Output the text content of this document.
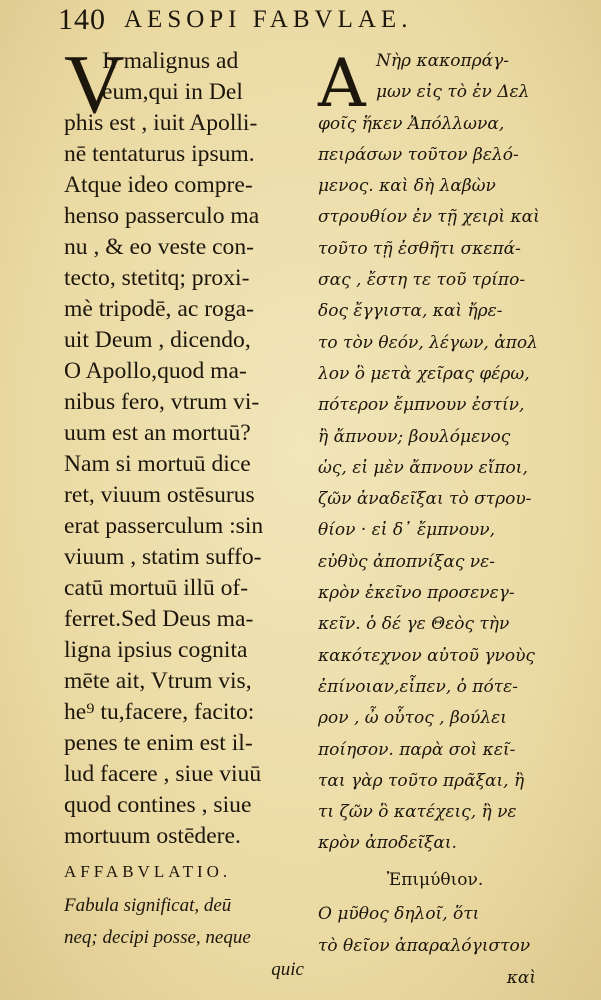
140 AESOPI FABVLAE.
V
Ir malignus ad
eum,qui in Del
phis est , iuit Apolli-
nē tentaturus ipsum.
Atque ideo compre-
henso passerculo ma
nu , & eo veste con-
tecto, stetitq; proxi-
mè tripodē, ac roga-
uit Deum , dicendo,
O Apollo,quod ma-
nibus fero, vtrum vi-
uum est an mortuū?
Nam si mortuū dice
ret, viuum ostēsurus
erat passerculum :sin
viuum , statim suffo-
catū mortuū illū of-
ferret.Sed Deus ma-
ligna ipsius cognita
mēte ait, Vtrum vis,
he⁹ tu,facere, facito:
penes te enim est il-
lud facere , siue viuū
quod contines , siue
mortuum ostēdere.
AFFABVLATIO.
Fabula significat, deū
neq; decipi posse, neque
quic
A Νὴρ κακοπράγ-
μων εἰς τὸ ἐν Δελ
φοῖς ἥκεν Ἀπόλλωνα,
πειράσων τοῦτον βελό-
μενος. καὶ δὴ λαβὼν
στρουθίον ἐν τῇ χειρὶ καὶ
τοῦτο τῇ ἐσθῆτι σκεπά-
σας , ἔστη τε τοῦ τρίπο-
δος ἔγγιστα, καὶ ἤρε-
το τὸν θεόν, λέγων, ἀπολ
λον ὃ μετὰ χεῖρας φέρω,
πότερον ἔμπνουν ἐστίν,
ἢ ἄπνουν; βουλόμενος
ὡς, εἰ μὲν ἄπνουν εἴποι,
ζῶν ἀναδεῖξαι τὸ στρου-
θίον · εἰ δ᾽ ἔμπνουν,
εὐθὺς ἀποπνίξας νε-
κρὸν ἐκεῖνο προσενεγ-
κεῖν. ὁ δέ γε Θεὸς τὴν
κακότεχνον αὐτοῦ γνοὺς
ἐπίνοιαν,εἶπεν, ὁ πότε-
ρον , ὦ οὗτος , βούλει
ποίησον. παρὰ σοὶ κεῖ-
ται γὰρ τοῦτο πρᾶξαι, ἢ
τι ζῶν ὃ κατέχεις, ἢ νε
κρὸν ἀποδεῖξαι.
Ἐπιμύθιον.
Ο μῦθος δηλοῖ, ὅτι
τὸ θεῖον ἀπαραλόγιστον
καὶ
